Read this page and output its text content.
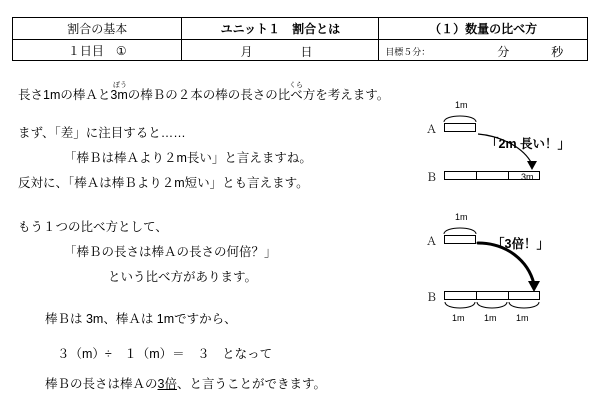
割合の基本	ユニット１　割合とは	（１）数量の比べ方
１日目　①	月 日	目標５分： 分 秒
ぼう	くら
長さ1mの棒Ａと3mの棒Ｂの２本の棒の長さの比べ方を考えます。
まず、「差」に注目すると……
「棒Ｂは棒Ａより２m長い」と言えますね。
反対に、「棒Ａは棒Ｂより２m短い」とも言えます。
もう１つの比べ方として、
「棒Ｂの長さは棒Ａの長さの何倍？」
という比べ方があります。
棒Ｂは 3m、棒Ａは 1mですから、
３（m）÷　１（m）＝　３　となって
棒Ｂの長さは棒Ａの3倍、と言うことができます。
1m
Ａ
Ｂ	3m
「2m 長い！」
1m
Ａ
Ｂ
1m 1m 1m
「3倍！」
